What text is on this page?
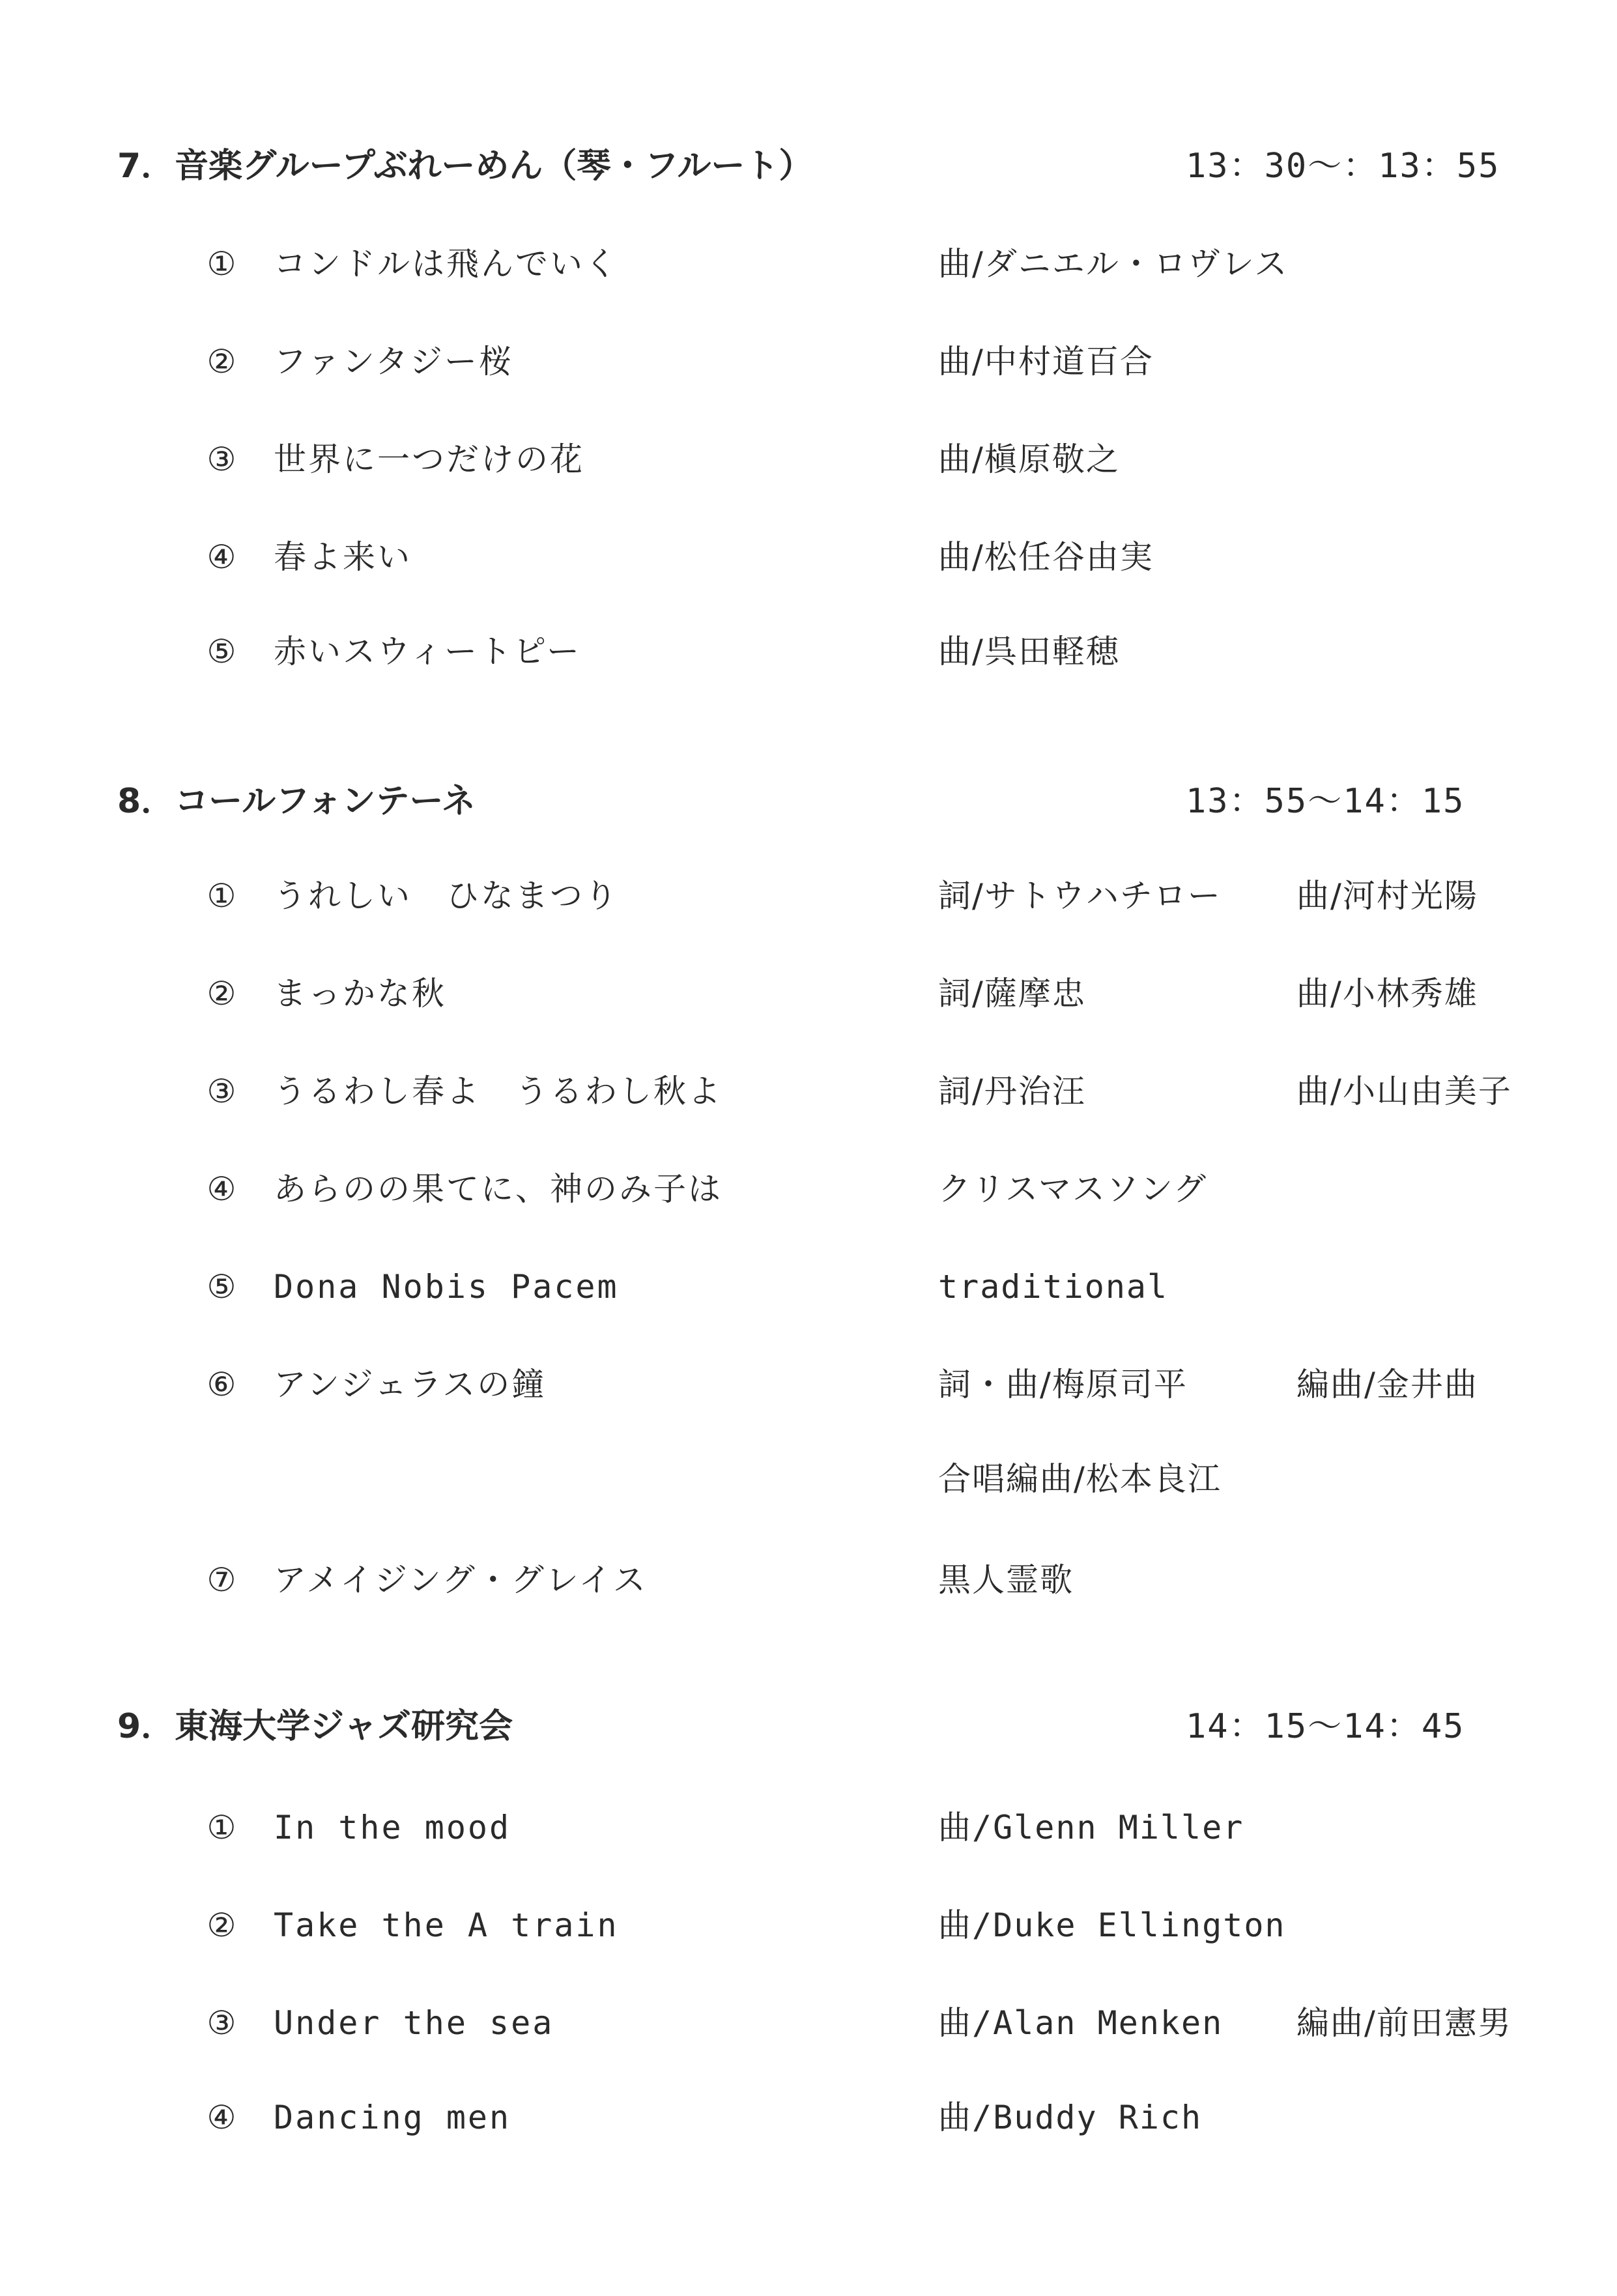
7．音楽グループぶれーめん（琴・フルート）	13：30～：13：55
①	コンドルは飛んでいく	曲/ダニエル・ロヴレス
②	ファンタジー桜	曲/中村道百合
③	世界に一つだけの花	曲/槇原敬之
④	春よ来い	曲/松任谷由実
⑤	赤いスウィートピー	曲/呉田軽穂
8．コールフォンテーネ	13：55～14：15
①	うれしい　ひなまつり	詞/サトウハチロー 曲/河村光陽
②	まっかな秋	詞/薩摩忠	曲/小林秀雄
③	うるわし春よ　うるわし秋よ	詞/丹治汪	曲/小山由美子
④	あらのの果てに、神のみ子は	クリスマスソング
⑤	Dona Nobis Pacem	traditional
⑥	アンジェラスの鐘	詞・曲/梅原司平	編曲/金井曲
合唱編曲/松本良江
⑦	アメイジング・グレイス	黒人霊歌
9．東海大学ジャズ研究会	14：15～14：45
①	In the mood	曲/Glenn Miller
②	Take the A train	曲/Duke Ellington
③	Under the sea	曲/Alan Menken 編曲/前田憲男
④	Dancing men	曲/Buddy Rich
